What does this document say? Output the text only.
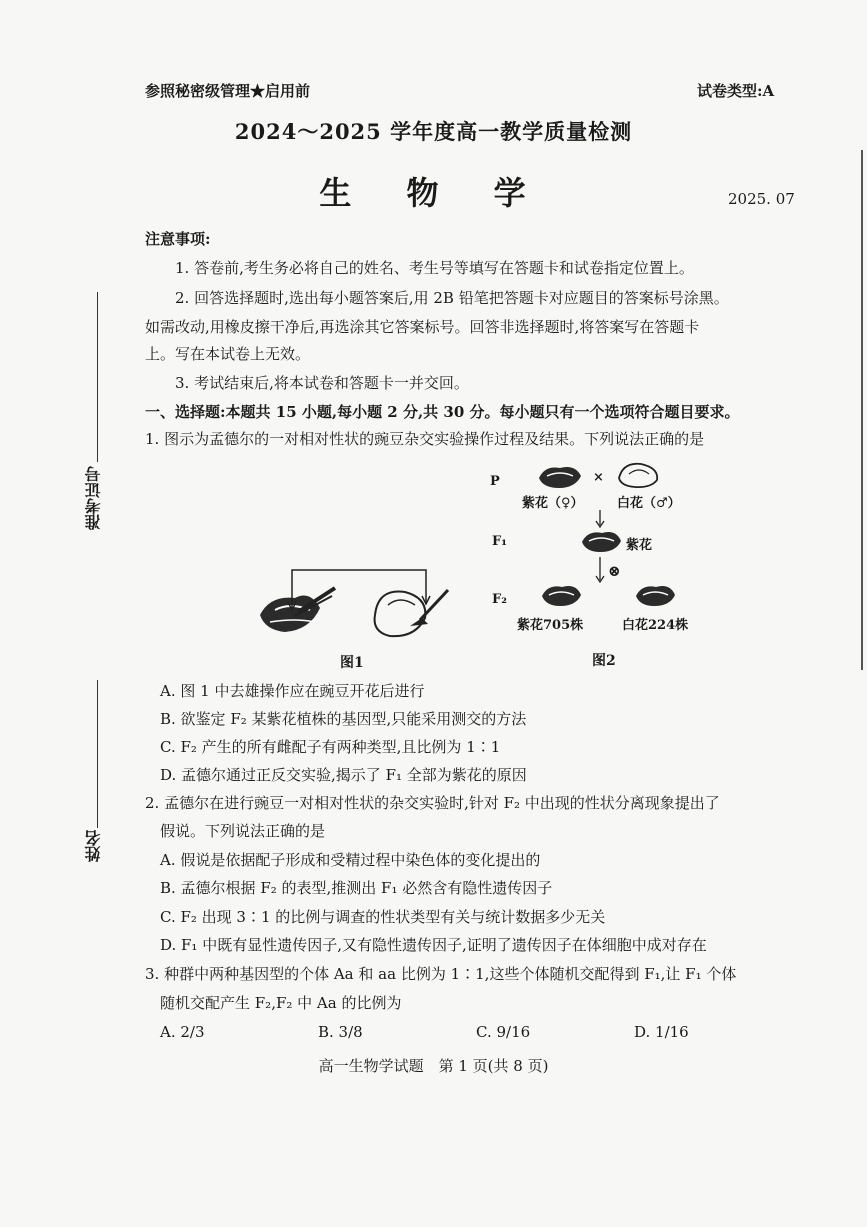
参照秘密级管理★启用前	试卷类型:A
2024～2025 学年度高一教学质量检测
生 物 学	2025. 07
准考证号
姓名
注意事项:
1. 答卷前,考生务必将自己的姓名、考生号等填写在答题卡和试卷指定位置上。
2. 回答选择题时,选出每小题答案后,用 2B 铅笔把答题卡对应题目的答案标号涂黑。
如需改动,用橡皮擦干净后,再选涂其它答案标号。回答非选择题时,将答案写在答题卡
上。写在本试卷上无效。
3. 考试结束后,将本试卷和答题卡一并交回。
一、选择题:本题共 15 小题,每小题 2 分,共 30 分。每小题只有一个选项符合题目要求。
1. 图示为孟德尔的一对相对性状的豌豆杂交实验操作过程及结果。下列说法正确的是
图1
P	×
紫花（♀）	白花（♂）
F₁	紫花
⊗
F₂
紫花705株	白花224株
图2
A. 图 1 中去雄操作应在豌豆开花后进行
B. 欲鉴定 F₂ 某紫花植株的基因型,只能采用测交的方法
C. F₂ 产生的所有雌配子有两种类型,且比例为 1∶1
D. 孟德尔通过正反交实验,揭示了 F₁ 全部为紫花的原因
2. 孟德尔在进行豌豆一对相对性状的杂交实验时,针对 F₂ 中出现的性状分离现象提出了
假说。下列说法正确的是
A. 假说是依据配子形成和受精过程中染色体的变化提出的
B. 孟德尔根据 F₂ 的表型,推测出 F₁ 必然含有隐性遗传因子
C. F₂ 出现 3∶1 的比例与调查的性状类型有关与统计数据多少无关
D. F₁ 中既有显性遗传因子,又有隐性遗传因子,证明了遗传因子在体细胞中成对存在
3. 种群中两种基因型的个体 Aa 和 aa 比例为 1∶1,这些个体随机交配得到 F₁,让 F₁ 个体
随机交配产生 F₂,F₂ 中 Aa 的比例为
A. 2/3	B. 3/8	C. 9/16	D. 1/16
高一生物学试题　第 1 页(共 8 页)
